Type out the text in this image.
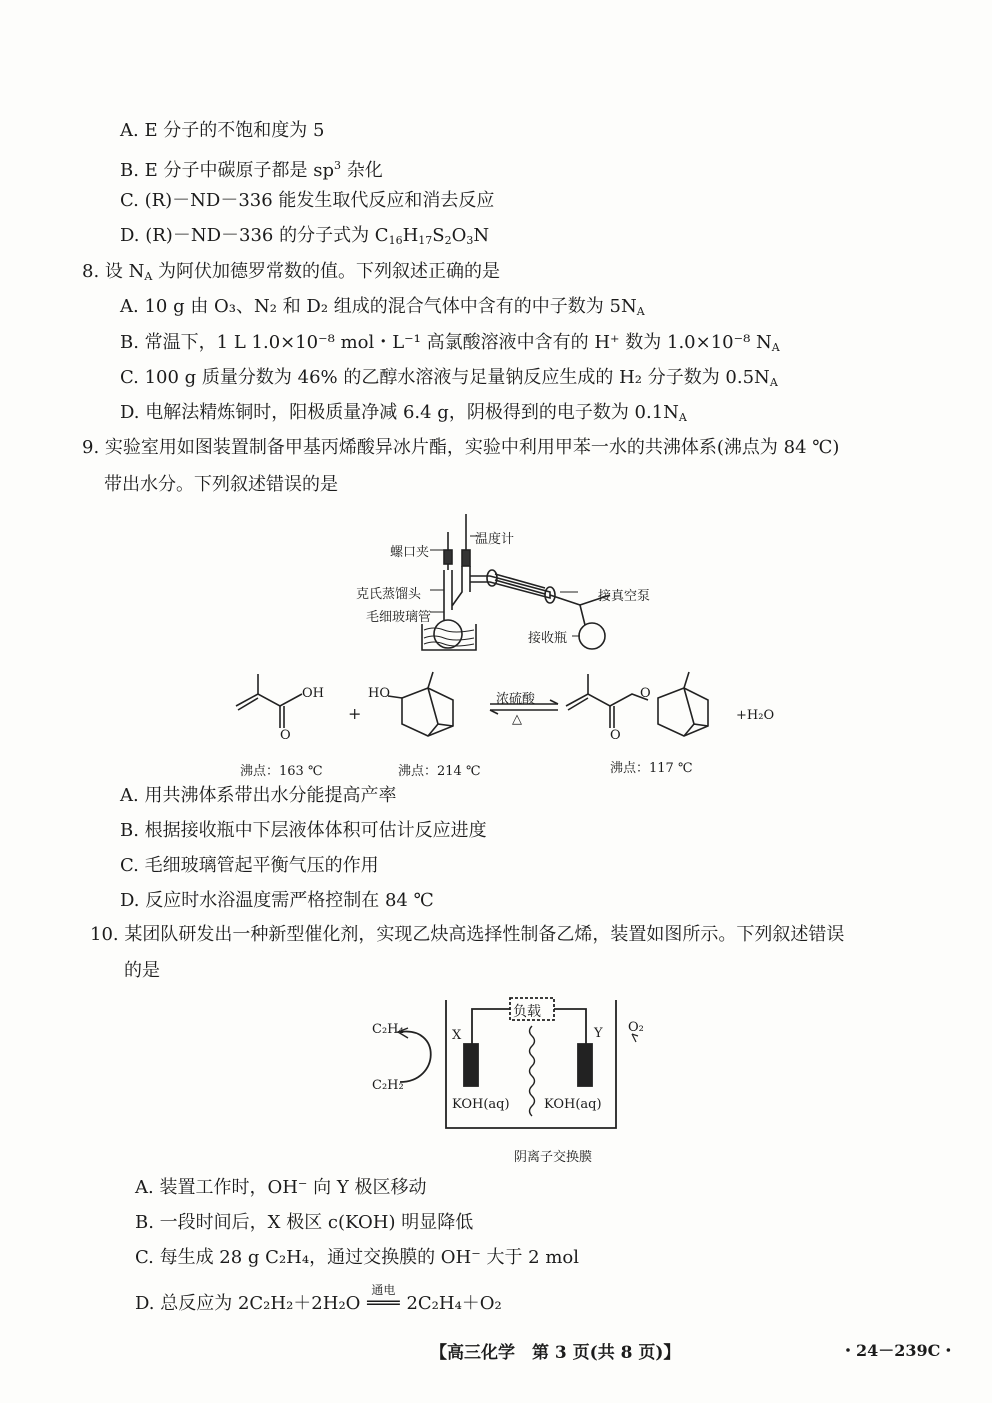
A. E 分子的不饱和度为 5
B. E 分子中碳原子都是 $sp^3$ 杂化
C. (R)－ND－336 能发生取代反应和消去反应
D. (R)－ND－336 的分子式为 $C_{16}H_{17}S_2O_3N$
8. 设 $N_A$ 为阿伏加德罗常数的值。下列叙述正确的是
A. 10 g 由 O₃、N₂ 和 D₂ 组成的混合气体中含有的中子数为 $5N_A$
B. 常温下，1 L 1.0×10⁻⁸ mol・L⁻¹ 高氯酸溶液中含有的 H⁺ 数为 1.0×10⁻⁸ $N_A$
C. 100 g 质量分数为 46% 的乙醇水溶液与足量钠反应生成的 H₂ 分子数为 $0.5N_A$
D. 电解法精炼铜时，阳极质量净减 6.4 g，阴极得到的电子数为 $0.1N_A$
9. 实验室用如图装置制备甲基丙烯酸异冰片酯，实验中利用甲苯一水的共沸体系(沸点为 84 ℃)
带出水分。下列叙述错误的是
螺口夹
温度计
克氏蒸馏头
毛细玻璃管
接真空泵
接收瓶
OH
O
+
HO	浓硫酸
△
O
O
+H₂O
沸点：163 ℃	沸点：214 ℃	沸点：117 ℃
A. 用共沸体系带出水分能提高产率
B. 根据接收瓶中下层液体体积可估计反应进度
C. 毛细玻璃管起平衡气压的作用
D. 反应时水浴温度需严格控制在 84 ℃
10. 某团队研发出一种新型催化剂，实现乙炔高选择性制备乙烯，装置如图所示。下列叙述错误
的是
负载
X	Y O₂
C₂H₄
C₂H₂
KOH(aq)	KOH(aq)
阴离子交换膜
A. 装置工作时，OH⁻ 向 Y 极区移动
B. 一段时间后，X 极区 c(KOH) 明显降低
C. 每生成 28 g C₂H₄，通过交换膜的 OH⁻ 大于 2 mol
D. 总反应为 2C₂H₂＋2H₂O
通电
═══ 2C₂H₄＋O₂
【高三化学　第 3 页(共 8 页)】	・24－239C・
